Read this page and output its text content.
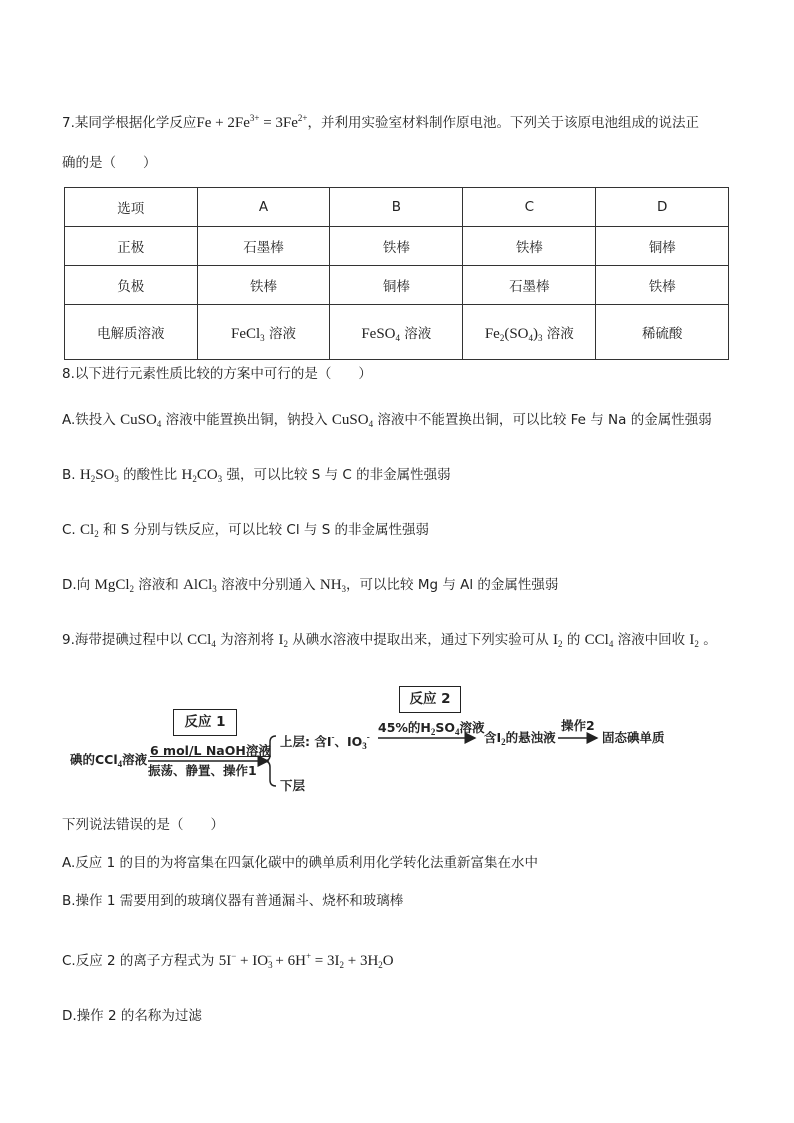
7.某同学根据化学反应$Fe + 2Fe^{3+} = 3Fe^{2+}$，并利用实验室材料制作原电池。下列关于该原电池组成的说法正
确的是（　　）
选项	A	B	C	D
正极	石墨棒	铁棒	铁棒	铜棒
负极	铁棒	铜棒	石墨棒	铁棒
电解质溶液	FeCl$_3$ 溶液	FeSO$_4$ 溶液	$Fe_2(SO_4)_3$ 溶液	稀硫酸
8.以下进行元素性质比较的方案中可行的是（　　）
A.铁投入 CuSO$_4$ 溶液中能置换出铜，钠投入 CuSO$_4$ 溶液中不能置换出铜，可以比较 Fe 与 Na 的金属性强弱
B. $H_2SO_3$ 的酸性比 $H_2CO_3$ 强，可以比较 S 与 C 的非金属性强弱
C. $Cl_2$ 和 S 分别与铁反应，可以比较 Cl 与 S 的非金属性强弱
D.向 MgCl$_2$ 溶液和 AlCl$_3$ 溶液中分别通入 $NH_3$，可以比较 Mg 与 Al 的金属性强弱
9.海带提碘过程中以 CCl$_4$ 为溶剂将 $I_2$ 从碘水溶液中提取出来，通过下列实验可从 $I_2$ 的 CCl$_4$ 溶液中回收 $I_2$ 。
碘的CCl$_4$溶液
反应 1
6 mol/L NaOH溶液
振荡、静置、操作1
上层: 含I-、$IO_3^-$
下层
反应 2
45%的$H_2SO_4$溶液
含$I_2$的悬浊液
操作2
固态碘单质
下列说法错误的是（　　）
A.反应 1 的目的为将富集在四氯化碳中的碘单质利用化学转化法重新富集在水中
B.操作 1 需要用到的玻璃仪器有普通漏斗、烧杯和玻璃棒
C.反应 2 的离子方程式为 $5I^- + IO_3^- + 6H^+ = 3I_2 + 3H_2O$
D.操作 2 的名称为过滤
